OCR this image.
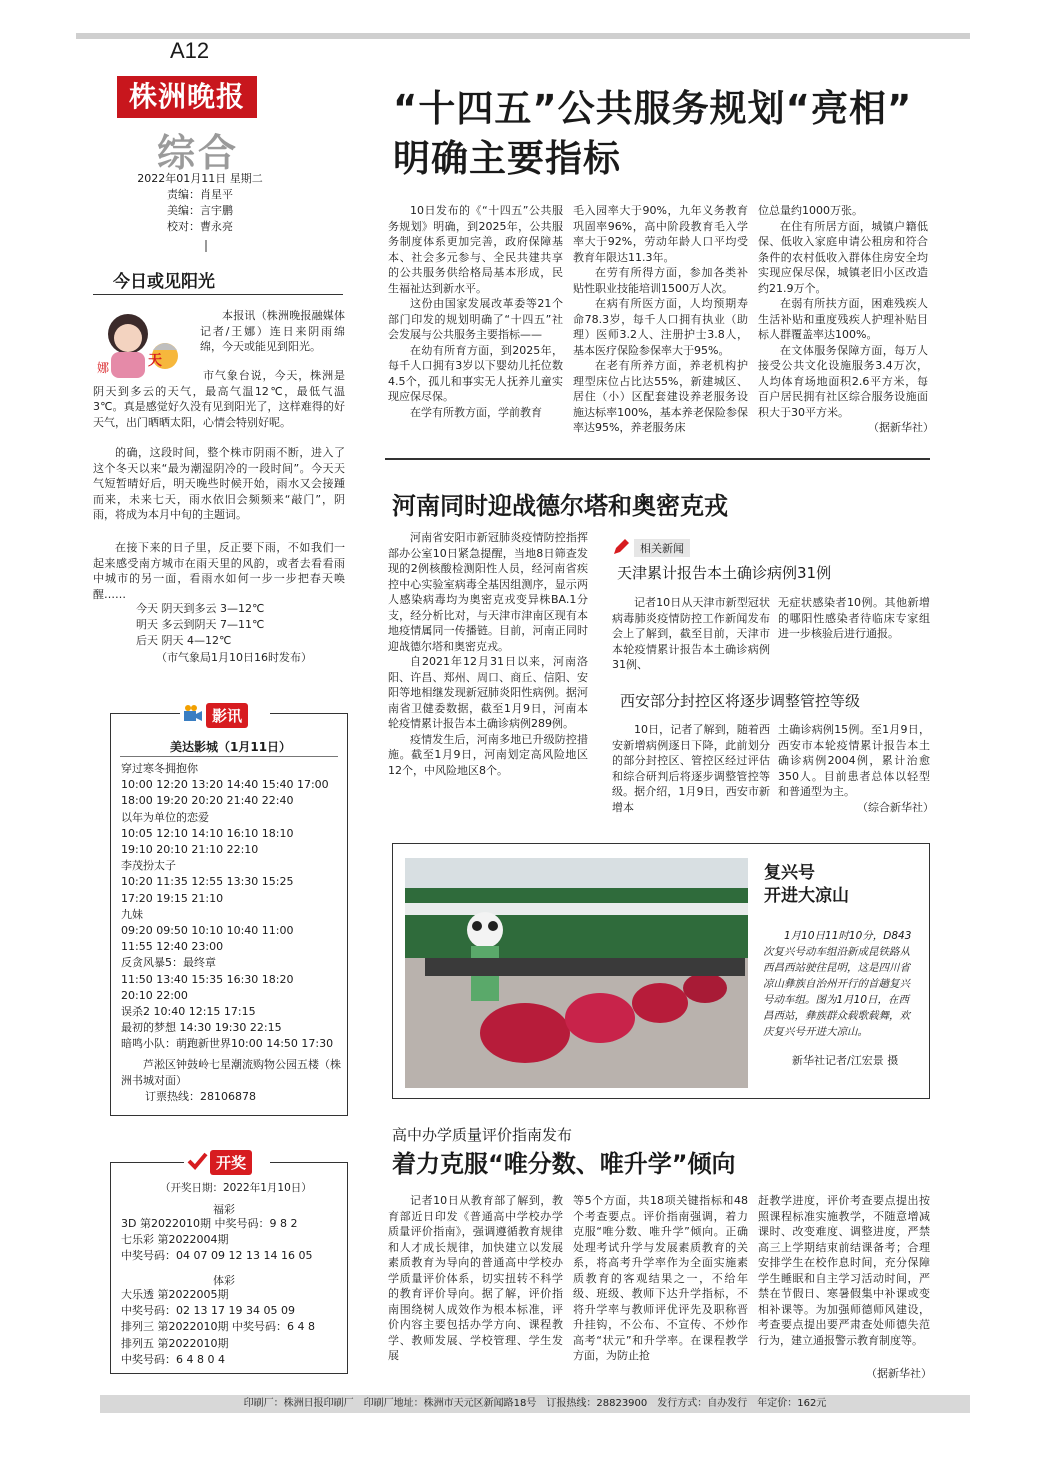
A12
株洲晚报
综合
2022年01月11日 星期二
责编：肖星平
美编：言宇鹏
校对：曹永亮
今日或见阳光
娜	天
本报讯（株洲晚报融媒体记者/王娜）连日来阴雨绵绵，今天或能见到阳光。
市气象台说，今天，株洲是阴天到多云的天气，最高气温12℃，最低气温3℃。真是感觉好久没有见到阳光了，这样难得的好天气，出门晒晒太阳，心情会特别好呢。
的确，这段时间，整个株市阴雨不断，进入了这个冬天以来“最为潮湿阴冷的一段时间”。今天天气短暂晴好后，明天晚些时候开始，雨水又会接踵而来，未来七天，雨水依旧会频频来“敲门”，阴雨，将成为本月中旬的主题词。
在接下来的日子里，反正要下雨，不如我们一起来感受南方城市在雨天里的风韵，或者去看看雨中城市的另一面，看雨水如何一步一步把春天唤醒……
今天 阴天到多云 3—12℃
明天 多云到阴天 7—11℃
后天 阴天 4—12℃
（市气象局1月10日16时发布）
影讯
美达影城（1月11日）
穿过寒冬拥抱你
10:00 12:20 13:20 14:40 15:40 17:00
18:00 19:20 20:20 21:40 22:40
以年为单位的恋爱
10:05 12:10 14:10 16:10 18:10
19:10 20:10 21:10 22:10
李茂扮太子
10:20 11:35 12:55 13:30 15:25
17:20 19:15 21:10
九妹
09:20 09:50 10:10 10:40 11:00
11:55 12:40 23:00
反贪风暴5：最终章
11:50 13:40 15:35 16:30 18:20
20:10 22:00
误杀2 10:40 12:15 17:15
最初的梦想 14:30 19:30 22:15
暗鸣小队：萌跑新世界10:00 14:50 17:30
芦淞区钟鼓岭七星潮流购物公园五楼（株洲书城对面）
订票热线：28106878
开奖
（开奖日期：2022年1月10日）
福彩
3D 第2022010期 中奖号码：9 8 2
七乐彩 第2022004期
中奖号码：04 07 09 12 13 14 16 05
体彩
大乐透 第2022005期
中奖号码：02 13 17 19 34 05 09
排列三 第2022010期 中奖号码：6 4 8
排列五 第2022010期
中奖号码：6 4 8 0 4
“十四五”公共服务规划“亮相”
明确主要指标

10日发布的《“十四五”公共服务规划》明确，到2025年，公共服务制度体系更加完善，政府保障基本、社会多元参与、全民共建共享的公共服务供给格局基本形成，民生福祉达到新水平。

这份由国家发展改革委等21个部门印发的规划明确了“十四五”社会发展与公共服务主要指标——

在幼有所育方面，到2025年，每千人口拥有3岁以下婴幼儿托位数4.5个，孤儿和事实无人抚养儿童实现应保尽保。

在学有所教方面，学前教育

毛入园率大于90%，九年义务教育巩固率96%，高中阶段教育毛入学率大于92%，劳动年龄人口平均受教育年限达11.3年。

在劳有所得方面，参加各类补贴性职业技能培训1500万人次。

在病有所医方面，人均预期寿命78.3岁，每千人口拥有执业（助理）医师3.2人、注册护士3.8人，基本医疗保险参保率大于95%。

在老有所养方面，养老机构护理型床位占比达55%，新建城区、居住（小）区配套建设养老服务设施达标率100%，基本养老保险参保率达95%，养老服务床

位总量约1000万张。

在住有所居方面，城镇户籍低保、低收入家庭申请公租房和符合条件的农村低收入群体住房安全均实现应保尽保，城镇老旧小区改造约21.9万个。

在弱有所扶方面，困难残疾人生活补贴和重度残疾人护理补贴目标人群覆盖率达100%。

在文体服务保障方面，每万人接受公共文化设施服务3.4万次，人均体育场地面积2.6平方米，每百户居民拥有社区综合服务设施面积大于30平方米。

（据新华社）
河南同时迎战德尔塔和奥密克戎

河南省安阳市新冠肺炎疫情防控指挥部办公室10日紧急提醒，当地8日筛查发现的2例核酸检测阳性人员，经河南省疾控中心实验室病毒全基因组测序，显示两人感染病毒均为奥密克戎变异株BA.1分支，经分析比对，与天津市津南区现有本地疫情属同一传播链。目前，河南正同时迎战德尔塔和奥密克戎。

自2021年12月31日以来，河南洛阳、许昌、郑州、周口、商丘、信阳、安阳等地相继发现新冠肺炎阳性病例。据河南省卫健委数据，截至1月9日，河南本轮疫情累计报告本土确诊病例289例。

疫情发生后，河南多地已升级防控措施。截至1月9日，河南划定高风险地区12个，中风险地区8个。

相关新闻
天津累计报告本土确诊病例31例
记者10日从天津市新型冠状病毒肺炎疫情防控工作新闻发布会上了解到，截至目前，天津市本轮疫情累计报告本土确诊病例31例、
无症状感染者10例。其他新增的哪阳性感染者待临床专家组进一步核验后进行通报。
西安部分封控区将逐步调整管控等级
10日，记者了解到，随着西安新增病例逐日下降，此前划分的部分封控区、管控区经过评估和综合研判后将逐步调整管控等级。据介绍，1月9日，西安市新增本
土确诊病例15例。至1月9日，西安市本轮疫情累计报告本土确诊病例2004例，累计治愈350人。目前患者总体以轻型和普通型为主。
（综合新华社）
复兴号
开进大凉山
1月10日11时10分，D843次复兴号动车组沿新成昆铁路从西昌西站驶往昆明，这是四川省凉山彝族自治州开行的首趟复兴号动车组。图为1月10日，在西昌西站，彝族群众载歌载舞，欢庆复兴号开进大凉山。
新华社记者/江宏景 摄
高中办学质量评价指南发布
着力克服“唯分数、唯升学”倾向
记者10日从教育部了解到，教育部近日印发《普通高中学校办学质量评价指南》，强调遵循教育规律和人才成长规律，加快建立以发展素质教育为导向的普通高中学校办学质量评价体系，切实扭转不科学的教育评价导向。据了解，评价指南围绕树人成效作为根本标准，评价内容主要包括办学方向、课程教学、教师发展、学校管理、学生发展
等5个方面，共18项关键指标和48个考查要点。评价指南强调，着力克服“唯分数、唯升学”倾向。正确处理考试升学与发展素质教育的关系，将高考升学率作为全面实施素质教育的客观结果之一，不给年级、班级、教师下达升学指标，不将升学率与教师评优评先及职称晋升挂钩，不公布、不宣传、不炒作高考“状元”和升学率。在课程教学方面，为防止抢
赶教学进度，评价考查要点提出按照课程标准实施教学，不随意增减课时、改变难度、调整进度，严禁高三上学期结束前结课备考；合理安排学生在校作息时间，充分保障学生睡眠和自主学习活动时间，严禁在节假日、寒暑假集中补课或变相补课等。为加强师德师风建设，考查要点提出要严肃查处师德失范行为，建立通报警示教育制度等。
（据新华社）
印刷厂：株洲日报印刷厂　印刷厂地址：株洲市天元区新闻路18号　订报热线：28823900　发行方式：自办发行　年定价：162元
